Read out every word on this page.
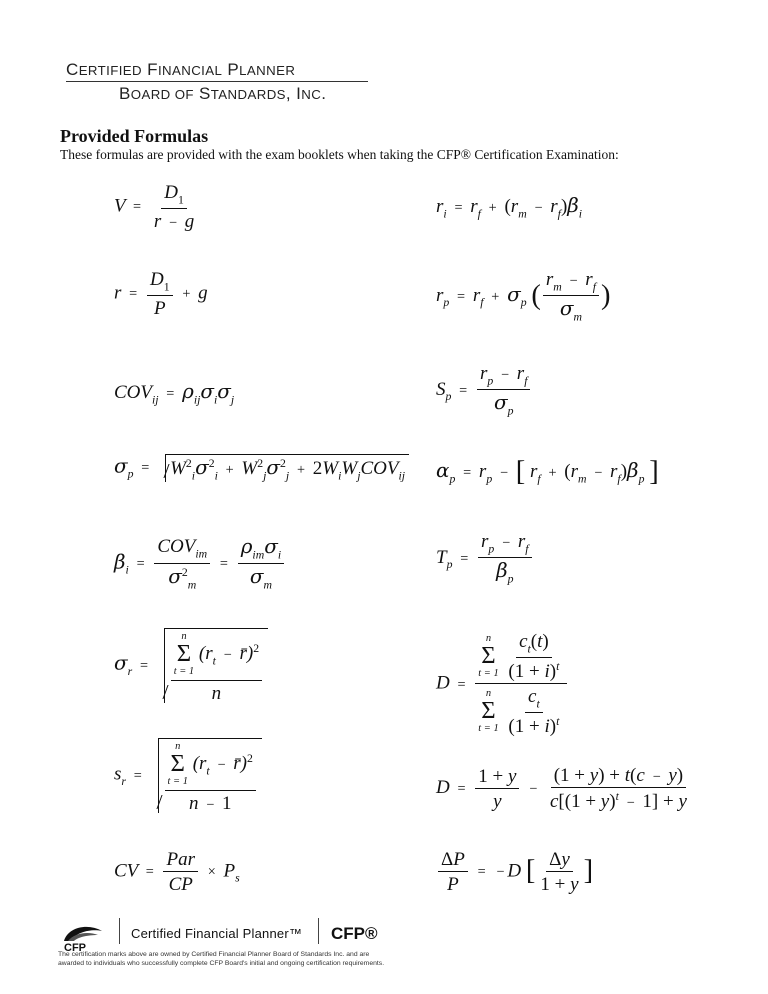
CERTIFIED FINANCIAL PLANNER
BOARD OF STANDARDS, INC.
Provided Formulas
These formulas are provided with the exam booklets when taking the CFP® Certification Examination:
$V = \frac{D_1}{r - g}$
$r = \frac{D_1}{P} + g$
$COV_{ij} = \rho_{ij}\sigma_i\sigma_j$
$\sigma_p = W^2_i\sigma^2_i + W^2_j\sigma^2_j + 2W_iW_jCOV_{ij}$
$\beta_i = \frac{COV_{im}}{\sigma^2_m} = \frac{\rho_{im}\sigma_i}{\sigma_m}$
$\sigma_r = n$
Σ
t = 1
($r_t$ − r̄)$^2$
n
$s_r = n$
Σ
t = 1
($r_t$ − r̄)$^2$
n − 1
CV = $\frac{\text{Par}}{CP} \times P_s$
$r_i = r_f + (r_m - r_f)\beta_i$
$r_p = r_f + \sigma_p$ ( $\frac{r_m - r_f}{\sigma_m}$ )
$S_p = \frac{r_p - r_f}{\sigma_p}$
$\alpha_p = r_p$ − [ $r_f + (r_m - r_f)\beta_p$ ]
$T_p = \frac{r_p - r_f}{\beta_p}$
D = n
Σ
t = 1
$\frac{c_t(t)}{(1 + i)^t}$
n
Σ
t = 1
$\frac{c_t}{(1 + i)^t}$
$D = \frac{1 + y}{y} - \frac{(1 + y) + t(c - y)}{c[(1 + y)^t - 1] + y}$
$\frac{\Delta P}{P}$ = − D [ $\frac{\Delta y}{1 + y}$ ]
CFP
Certified Financial Planner™ CFP®
The certification marks above are owned by Certified Financial Planner Board of Standards Inc. and are awarded to individuals who successfully complete CFP Board's initial and ongoing certification requirements.
